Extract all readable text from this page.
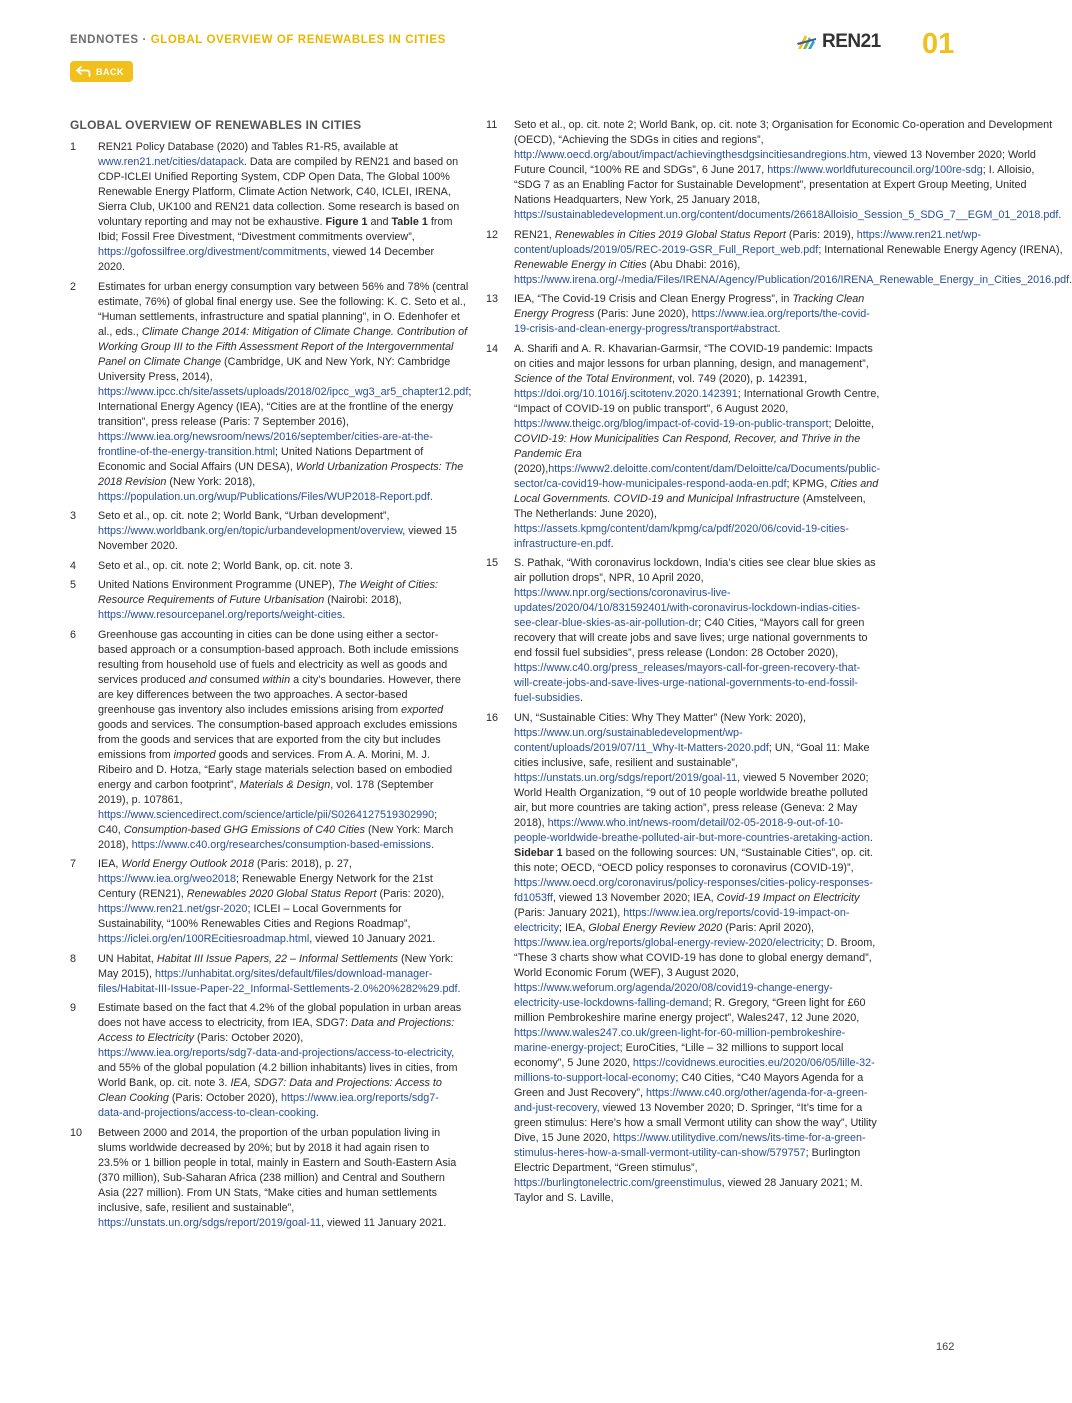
ENDNOTES · GLOBAL OVERVIEW OF RENEWABLES IN CITIES
BACK
REN21 01
GLOBAL OVERVIEW OF RENEWABLES IN CITIES
1	REN21 Policy Database (2020) and Tables R1-R5, available at www.ren21.net/cities/datapack. Data are compiled by REN21 and based on CDP-ICLEI Unified Reporting System, CDP Open Data, The Global 100% Renewable Energy Platform, Climate Action Network, C40, ICLEI, IRENA, Sierra Club, UK100 and REN21 data collection. Some research is based on voluntary reporting and may not be exhaustive. Figure 1 and Table 1 from Ibid; Fossil Free Divestment, “Divestment commitments overview”, https://gofossilfree.org/divestment/commitments, viewed 14 December 2020.
2	Estimates for urban energy consumption vary between 56% and 78% (central estimate, 76%) of global final energy use. See the following: K. C. Seto et al., “Human settlements, infrastructure and spatial planning”, in O. Edenhofer et al., eds., Climate Change 2014: Mitigation of Climate Change. Contribution of Working Group III to the Fifth Assessment Report of the Intergovernmental Panel on Climate Change (Cambridge, UK and New York, NY: Cambridge University Press, 2014), https://www.ipcc.ch/site/assets/uploads/2018/02/ipcc_wg3_ar5_chapter12.pdf; International Energy Agency (IEA), “Cities are at the frontline of the energy transition”, press release (Paris: 7 September 2016), https://www.iea.org/newsroom/news/2016/september/cities-are-at-the-frontline-of-the-energy-transition.html; United Nations Department of Economic and Social Affairs (UN DESA), World Urbanization Prospects: The 2018 Revision (New York: 2018), https://population.un.org/wup/Publications/Files/WUP2018-Report.pdf.
3	Seto et al., op. cit. note 2; World Bank, “Urban development”, https://www.worldbank.org/en/topic/urbandevelopment/overview, viewed 15 November 2020.
4	Seto et al., op. cit. note 2; World Bank, op. cit. note 3.
5	United Nations Environment Programme (UNEP), The Weight of Cities: Resource Requirements of Future Urbanisation (Nairobi: 2018), https://www.resourcepanel.org/reports/weight-cities.
6	Greenhouse gas accounting in cities can be done using either a sector-based approach or a consumption-based approach. Both include emissions resulting from household use of fuels and electricity as well as goods and services produced and consumed within a city’s boundaries. However, there are key differences between the two approaches. A sector-based greenhouse gas inventory also includes emissions arising from exported goods and services. The consumption-based approach excludes emissions from the goods and services that are exported from the city but includes emissions from imported goods and services. From A. A. Morini, M. J. Ribeiro and D. Hotza, “Early stage materials selection based on embodied energy and carbon footprint”, Materials & Design, vol. 178 (September 2019), p. 107861, https://www.sciencedirect.com/science/article/pii/S0264127519302990; C40, Consumption-based GHG Emissions of C40 Cities (New York: March 2018), https://www.c40.org/researches/consumption-based-emissions.
7	IEA, World Energy Outlook 2018 (Paris: 2018), p. 27, https://www.iea.org/weo2018; Renewable Energy Network for the 21st Century (REN21), Renewables 2020 Global Status Report (Paris: 2020), https://www.ren21.net/gsr-2020; ICLEI – Local Governments for Sustainability, “100% Renewables Cities and Regions Roadmap”, https://iclei.org/en/100REcitiesroadmap.html, viewed 10 January 2021.
8	UN Habitat, Habitat III Issue Papers, 22 – Informal Settlements (New York: May 2015), https://unhabitat.org/sites/default/files/download-manager-files/Habitat-III-Issue-Paper-22_Informal-Settlements-2.0%20%282%29.pdf.
9	Estimate based on the fact that 4.2% of the global population in urban areas does not have access to electricity, from IEA, SDG7: Data and Projections: Access to Electricity (Paris: October 2020), https://www.iea.org/reports/sdg7-data-and-projections/access-to-electricity, and 55% of the global population (4.2 billion inhabitants) lives in cities, from World Bank, op. cit. note 3. IEA, SDG7: Data and Projections: Access to Clean Cooking (Paris: October 2020), https://www.iea.org/reports/sdg7-data-and-projections/access-to-clean-cooking.
10	Between 2000 and 2014, the proportion of the urban population living in slums worldwide decreased by 20%; but by 2018 it had again risen to 23.5% or 1 billion people in total, mainly in Eastern and South-Eastern Asia (370 million), Sub-Saharan Africa (238 million) and Central and Southern Asia (227 million). From UN Stats, “Make cities and human settlements inclusive, safe, resilient and sustainable”, https://unstats.un.org/sdgs/report/2019/goal-11, viewed 11 January 2021.
11	Seto et al., op. cit. note 2; World Bank, op. cit. note 3; Organisation for Economic Co-operation and Development (OECD), “Achieving the SDGs in cities and regions”, http://www.oecd.org/about/impact/achievingthesdgsincitiesandregions.htm, viewed 13 November 2020; World Future Council, “100% RE and SDGs”, 6 June 2017, https://www.worldfuturecouncil.org/100re-sdg; I. Alloisio, “SDG 7 as an Enabling Factor for Sustainable Development”, presentation at Expert Group Meeting, United Nations Headquarters, New York, 25 January 2018, https://sustainabledevelopment.un.org/content/documents/26618Alloisio_Session_5_SDG_7__EGM_01_2018.pdf.
12	REN21, Renewables in Cities 2019 Global Status Report (Paris: 2019), https://www.ren21.net/wp-content/uploads/2019/05/REC-2019-GSR_Full_Report_web.pdf; International Renewable Energy Agency (IRENA), Renewable Energy in Cities (Abu Dhabi: 2016), https://www.irena.org/-/media/Files/IRENA/Agency/Publication/2016/IRENA_Renewable_Energy_in_Cities_2016.pdf.
13	IEA, “The Covid-19 Crisis and Clean Energy Progress”, in Tracking Clean Energy Progress (Paris: June 2020), https://www.iea.org/reports/the-covid-19-crisis-and-clean-energy-progress/transport#abstract.
14	A. Sharifi and A. R. Khavarian-Garmsir, “The COVID-19 pandemic: Impacts on cities and major lessons for urban planning, design, and management”, Science of the Total Environment, vol. 749 (2020), p. 142391, https://doi.org/10.1016/j.scitotenv.2020.142391; International Growth Centre, “Impact of COVID-19 on public transport”, 6 August 2020, https://www.theigc.org/blog/impact-of-covid-19-on-public-transport; Deloitte, COVID-19: How Municipalities Can Respond, Recover, and Thrive in the Pandemic Era (2020),https://www2.deloitte.com/content/dam/Deloitte/ca/Documents/public-sector/ca-covid19-how-municipales-respond-aoda-en.pdf; KPMG, Cities and Local Governments. COVID-19 and Municipal Infrastructure (Amstelveen, The Netherlands: June 2020), https://assets.kpmg/content/dam/kpmg/ca/pdf/2020/06/covid-19-cities-infrastructure-en.pdf.
15	S. Pathak, “With coronavirus lockdown, India’s cities see clear blue skies as air pollution drops”, NPR, 10 April 2020, https://www.npr.org/sections/coronavirus-live-updates/2020/04/10/831592401/with-coronavirus-lockdown-indias-cities-see-clear-blue-skies-as-air-pollution-dr; C40 Cities, “Mayors call for green recovery that will create jobs and save lives; urge national governments to end fossil fuel subsidies”, press release (London: 28 October 2020), https://www.c40.org/press_releases/mayors-call-for-green-recovery-that-will-create-jobs-and-save-lives-urge-national-governments-to-end-fossil-fuel-subsidies.
16	UN, “Sustainable Cities: Why They Matter” (New York: 2020), https://www.un.org/sustainabledevelopment/wp-content/uploads/2019/07/11_Why-It-Matters-2020.pdf; UN, “Goal 11: Make cities inclusive, safe, resilient and sustainable”, https://unstats.un.org/sdgs/report/2019/goal-11, viewed 5 November 2020; World Health Organization, “9 out of 10 people worldwide breathe polluted air, but more countries are taking action”, press release (Geneva: 2 May 2018), https://www.who.int/news-room/detail/02-05-2018-9-out-of-10-people-worldwide-breathe-polluted-air-but-more-countries-aretaking-action. Sidebar 1 based on the following sources: UN, “Sustainable Cities”, op. cit. this note; OECD, “OECD policy responses to coronavirus (COVID-19)”, https://www.oecd.org/coronavirus/policy-responses/cities-policy-responses-fd1053ff, viewed 13 November 2020; IEA, Covid-19 Impact on Electricity (Paris: January 2021), https://www.iea.org/reports/covid-19-impact-on-electricity; IEA, Global Energy Review 2020 (Paris: April 2020), https://www.iea.org/reports/global-energy-review-2020/electricity; D. Broom, “These 3 charts show what COVID-19 has done to global energy demand”, World Economic Forum (WEF), 3 August 2020, https://www.weforum.org/agenda/2020/08/covid19-change-energy-electricity-use-lockdowns-falling-demand; R. Gregory, “Green light for £60 million Pembrokeshire marine energy project”, Wales247, 12 June 2020, https://www.wales247.co.uk/green-light-for-60-million-pembrokeshire-marine-energy-project; EuroCities, “Lille – 32 millions to support local economy”, 5 June 2020, https://covidnews.eurocities.eu/2020/06/05/lille-32-millions-to-support-local-economy; C40 Cities, “C40 Mayors Agenda for a Green and Just Recovery”, https://www.c40.org/other/agenda-for-a-green-and-just-recovery, viewed 13 November 2020; D. Springer, “It’s time for a green stimulus: Here’s how a small Vermont utility can show the way”, Utility Dive, 15 June 2020, https://www.utilitydive.com/news/its-time-for-a-green-stimulus-heres-how-a-small-vermont-utility-can-show/579757; Burlington Electric Department, “Green stimulus”, https://burlingtonelectric.com/greenstimulus, viewed 28 January 2021; M. Taylor and S. Laville,
162
